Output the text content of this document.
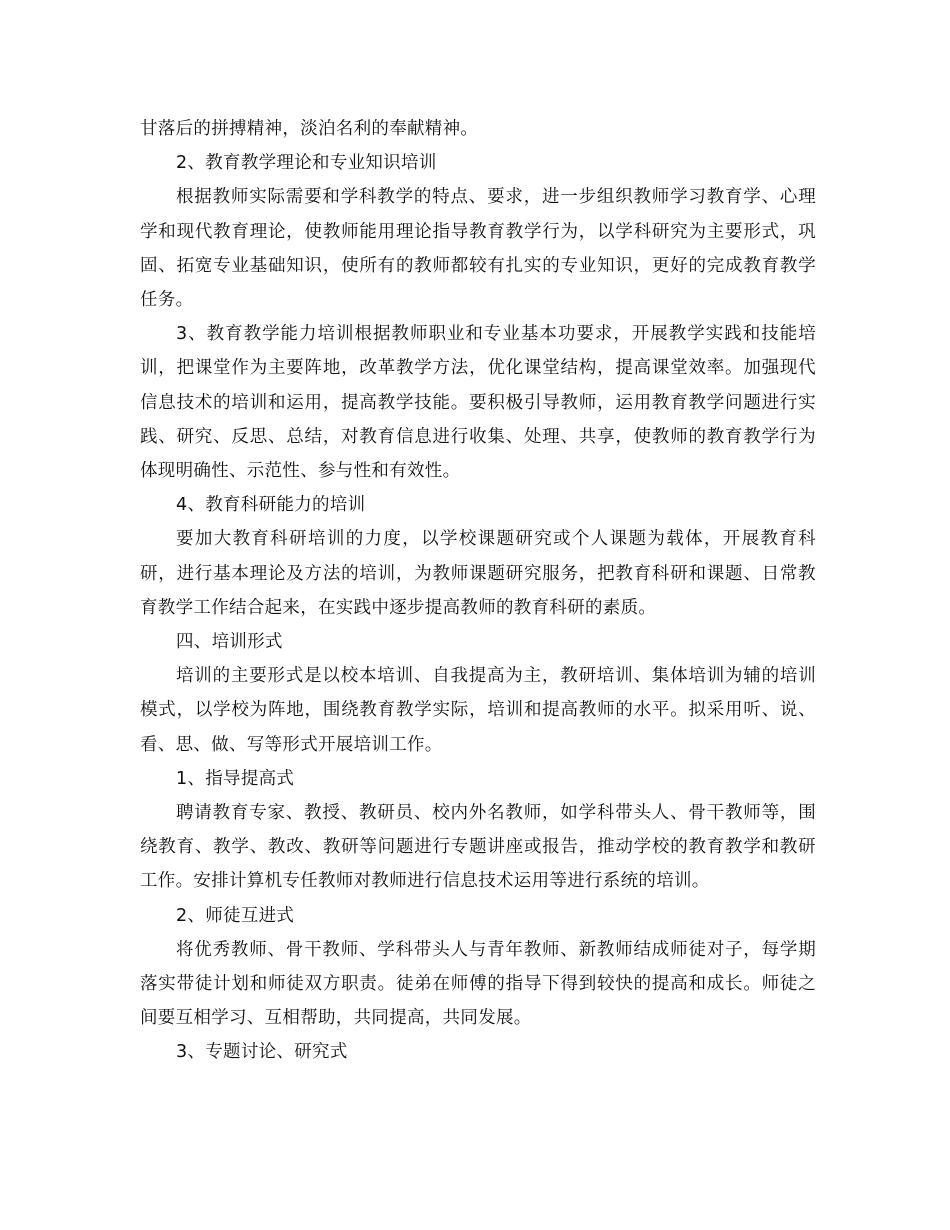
甘落后的拼搏精神，淡泊名利的奉献精神。

2、教育教学理论和专业知识培训

根据教师实际需要和学科教学的特点、要求，进一步组织教师学习教育学、心理学和现代教育理论，使教师能用理论指导教育教学行为，以学科研究为主要形式，巩固、拓宽专业基础知识，使所有的教师都较有扎实的专业知识，更好的完成教育教学任务。

3、教育教学能力培训根据教师职业和专业基本功要求，开展教学实践和技能培训，把课堂作为主要阵地，改革教学方法，优化课堂结构，提高课堂效率。加强现代信息技术的培训和运用，提高教学技能。要积极引导教师，运用教育教学问题进行实践、研究、反思、总结，对教育信息进行收集、处理、共享，使教师的教育教学行为体现明确性、示范性、参与性和有效性。

4、教育科研能力的培训

要加大教育科研培训的力度，以学校课题研究或个人课题为载体，开展教育科研，进行基本理论及方法的培训，为教师课题研究服务，把教育科研和课题、日常教育教学工作结合起来，在实践中逐步提高教师的教育科研的素质。

四、培训形式

培训的主要形式是以校本培训、自我提高为主，教研培训、集体培训为辅的培训模式，以学校为阵地，围绕教育教学实际，培训和提高教师的水平。拟采用听、说、看、思、做、写等形式开展培训工作。

1、指导提高式

聘请教育专家、教授、教研员、校内外名教师，如学科带头人、骨干教师等，围绕教育、教学、教改、教研等问题进行专题讲座或报告，推动学校的教育教学和教研工作。安排计算机专任教师对教师进行信息技术运用等进行系统的培训。

2、师徒互进式

将优秀教师、骨干教师、学科带头人与青年教师、新教师结成师徒对子，每学期落实带徒计划和师徒双方职责。徒弟在师傅的指导下得到较快的提高和成长。师徒之间要互相学习、互相帮助，共同提高，共同发展。

3、专题讨论、研究式
